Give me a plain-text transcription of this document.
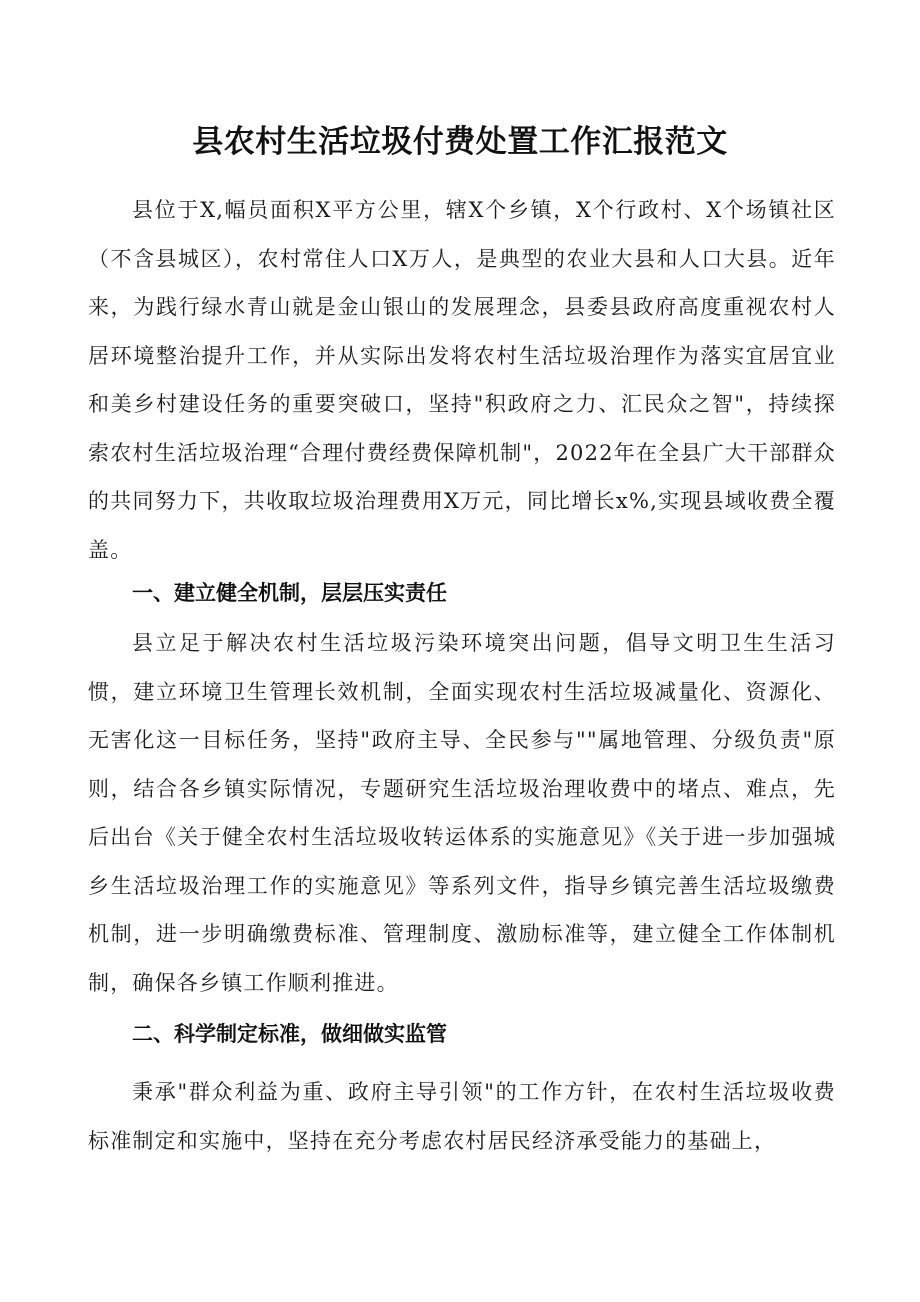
县农村生活垃圾付费处置工作汇报范文

县位于X,幅员面积X平方公里，辖X个乡镇，X个行政村、X个场镇社区（不含县城区），农村常住人口X万人，是典型的农业大县和人口大县。近年来，为践行绿水青山就是金山银山的发展理念，县委县政府高度重视农村人居环境整治提升工作，并从实际出发将农村生活垃圾治理作为落实宜居宜业和美乡村建设任务的重要突破口，坚持"积政府之力、汇民众之智"，持续探索农村生活垃圾治理“合理付费经费保障机制"，2022年在全县广大干部群众的共同努力下，共收取垃圾治理费用X万元，同比增长x%,实现县域收费全覆盖。

一、建立健全机制，层层压实责任

县立足于解决农村生活垃圾污染环境突出问题，倡导文明卫生生活习惯，建立环境卫生管理长效机制，全面实现农村生活垃圾减量化、资源化、无害化这一目标任务，坚持"政府主导、全民参与""属地管理、分级负责"原则，结合各乡镇实际情况，专题研究生活垃圾治理收费中的堵点、难点，先后出台《关于健全农村生活垃圾收转运体系的实施意见》《关于进一步加强城乡生活垃圾治理工作的实施意见》等系列文件，指导乡镇完善生活垃圾缴费机制，进一步明确缴费标准、管理制度、激励标准等，建立健全工作体制机制，确保各乡镇工作顺利推进。

二、科学制定标准，做细做实监管

秉承"群众利益为重、政府主导引领"的工作方针，在农村生活垃圾收费标准制定和实施中，坚持在充分考虑农村居民经济承受能力的基础上，
